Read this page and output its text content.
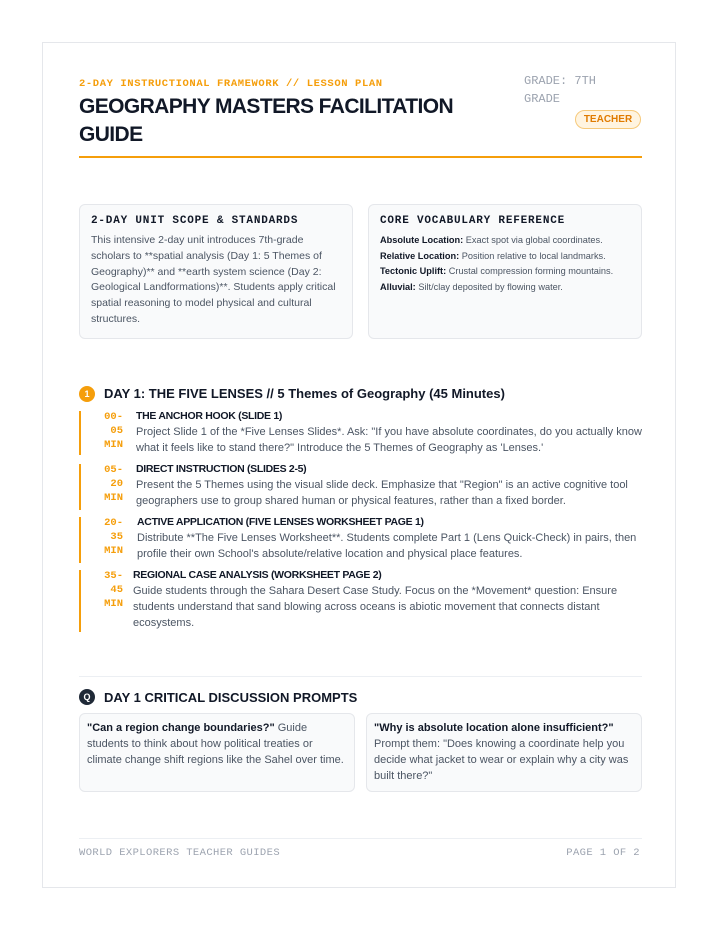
2-DAY INSTRUCTIONAL FRAMEWORK // LESSON PLAN
GEOGRAPHY MASTERS FACILITATION GUIDE
GRADE: 7TH GRADE
TEACHER
2-DAY UNIT SCOPE & STANDARDS

This intensive 2-day unit introduces 7th-grade scholars to **spatial analysis (Day 1: 5 Themes of Geography)** and **earth system science (Day 2: Geological Landformations)**. Students apply critical spatial reasoning to model physical and cultural structures.

CORE VOCABULARY REFERENCE

Absolute Location: Exact spot via global coordinates.

Relative Location: Position relative to local landmarks.

Tectonic Uplift: Crustal compression forming mountains.

Alluvial: Silt/clay deposited by flowing water.

1	DAY 1: THE FIVE LENSES // 5 Themes of Geography (45 Minutes)
00-
05
MIN
THE ANCHOR HOOK (SLIDE 1)
Project Slide 1 of the *Five Lenses Slides*. Ask: "If you have absolute coordinates, do you actually know what it feels like to stand there?" Introduce the 5 Themes of Geography as 'Lenses.'
05-
20
MIN
DIRECT INSTRUCTION (SLIDES 2-5)
Present the 5 Themes using the visual slide deck. Emphasize that "Region" is an active cognitive tool geographers use to group shared human or physical features, rather than a fixed border.
20-
35
MIN
ACTIVE APPLICATION (FIVE LENSES WORKSHEET PAGE 1)
Distribute **The Five Lenses Worksheet**. Students complete Part 1 (Lens Quick-Check) in pairs, then profile their own School's absolute/relative location and physical place features.
35-
45
MIN
REGIONAL CASE ANALYSIS (WORKSHEET PAGE 2)
Guide students through the Sahara Desert Case Study. Focus on the *Movement* question: Ensure students understand that sand blowing across oceans is abiotic movement that connects distant ecosystems.
Q	DAY 1 CRITICAL DISCUSSION PROMPTS
"Can a region change boundaries?" Guide students to think about how political treaties or climate change shift regions like the Sahel over time.
"Why is absolute location alone insufficient?" Prompt them: "Does knowing a coordinate help you decide what jacket to wear or explain why a city was built there?"
WORLD EXPLORERS TEACHER GUIDES	PAGE 1 OF 2
